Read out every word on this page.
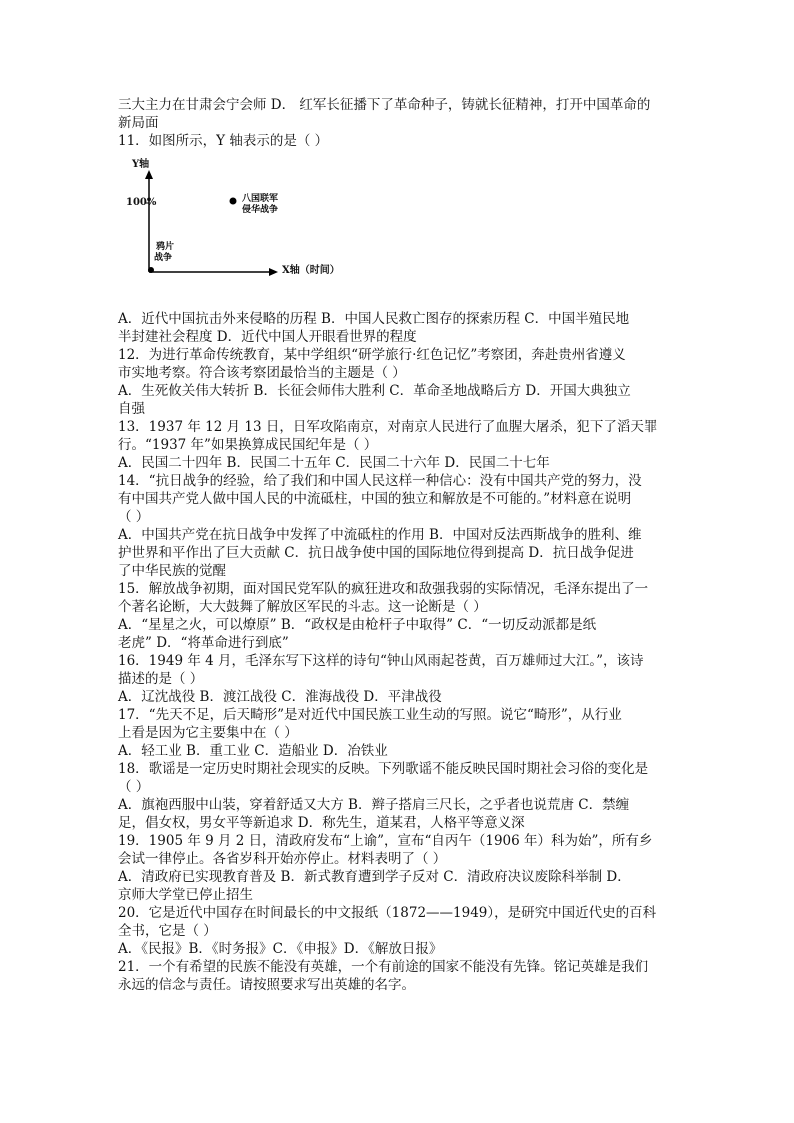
三大主力在甘肃会宁会师 D． 红军长征播下了革命种子，铸就长征精神，打开中国革命的
新局面
11．如图所示，Y 轴表示的是（ ）
Y轴
100%	八国联军
侵华战争
鸦片
战争
X轴（时间）
A．近代中国抗击外来侵略的历程 B．中国人民救亡图存的探索历程 C．中国半殖民地
半封建社会程度 D．近代中国人开眼看世界的程度
12．为进行革命传统教育，某中学组织“研学旅行·红色记忆”考察团，奔赴贵州省遵义
市实地考察。符合该考察团最恰当的主题是（ ）
A．生死攸关伟大转折 B．长征会师伟大胜利 C．革命圣地战略后方 D．开国大典独立
自强
13．1937 年 12 月 13 日，日军攻陷南京，对南京人民进行了血腥大屠杀，犯下了滔天罪
行。“1937 年”如果换算成民国纪年是（ ）
A．民国二十四年 B．民国二十五年 C．民国二十六年 D．民国二十七年
14．“抗日战争的经验，给了我们和中国人民这样一种信心：没有中国共产党的努力，没
有中国共产党人做中国人民的中流砥柱，中国的独立和解放是不可能的。”材料意在说明
（ ）
A．中国共产党在抗日战争中发挥了中流砥柱的作用 B．中国对反法西斯战争的胜利、维
护世界和平作出了巨大贡献 C．抗日战争使中国的国际地位得到提高 D．抗日战争促进
了中华民族的觉醒
15．解放战争初期，面对国民党军队的疯狂进攻和敌强我弱的实际情况，毛泽东提出了一
个著名论断，大大鼓舞了解放区军民的斗志。这一论断是（ ）
A．“星星之火，可以燎原” B．“政权是由枪杆子中取得” C．“一切反动派都是纸
老虎” D．“将革命进行到底”
16．1949 年 4 月，毛泽东写下这样的诗句“钟山风雨起苍黄，百万雄师过大江。”，该诗
描述的是（ ）
A．辽沈战役 B．渡江战役 C．淮海战役 D．平津战役
17．“先天不足，后天畸形”是对近代中国民族工业生动的写照。说它“畸形”，从行业
上看是因为它主要集中在（ ）
A．轻工业 B．重工业 C．造船业 D．冶铁业
18．歌谣是一定历史时期社会现实的反映。下列歌谣不能反映民国时期社会习俗的变化是
（ ）
A．旗袍西服中山装，穿着舒适又大方 B．辫子搭肩三尺长，之乎者也说荒唐 C．禁缠
足，倡女权，男女平等新追求 D．称先生，道某君，人格平等意义深
19．1905 年 9 月 2 日，清政府发布“上谕”，宣布“自丙午（1906 年）科为始”，所有乡
会试一律停止。各省岁科开始亦停止。材料表明了（ ）
A．清政府已实现教育普及 B．新式教育遭到学子反对 C．清政府决议废除科举制 D．
京师大学堂已停止招生
20．它是近代中国存在时间最长的中文报纸（1872——1949），是研究中国近代史的百科
全书，它是（ ）
A．《民报》B．《时务报》C．《申报》D．《解放日报》
21．一个有希望的民族不能没有英雄，一个有前途的国家不能没有先锋。铭记英雄是我们
永远的信念与责任。请按照要求写出英雄的名字。
